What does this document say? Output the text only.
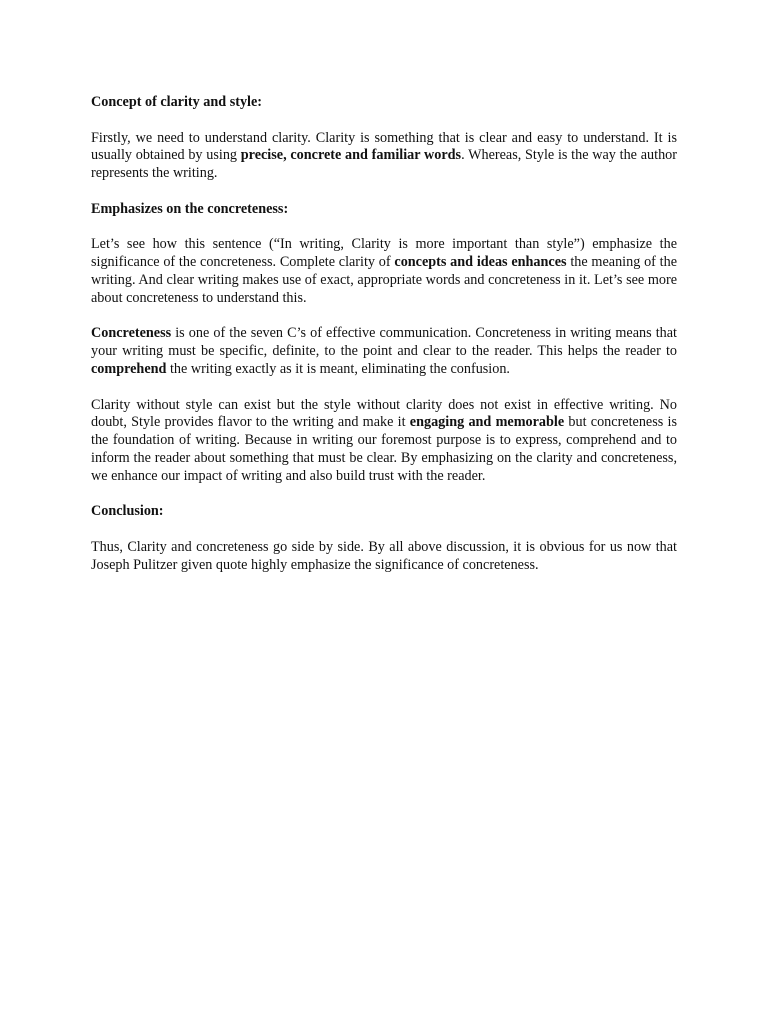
Concept of clarity and style:

Firstly, we need to understand clarity. Clarity is something that is clear and easy to understand. It is usually obtained by using precise, concrete and familiar words. Whereas, Style is the way the author represents the writing.

Emphasizes on the concreteness:

Let’s see how this sentence (“In writing, Clarity is more important than style”) emphasize the significance of the concreteness. Complete clarity of concepts and ideas enhances the meaning of the writing. And clear writing makes use of exact, appropriate words and concreteness in it. Let’s see more about concreteness to understand this.

Concreteness is one of the seven C’s of effective communication. Concreteness in writing means that your writing must be specific, definite, to the point and clear to the reader. This helps the reader to comprehend the writing exactly as it is meant, eliminating the confusion.

Clarity without style can exist but the style without clarity does not exist in effective writing. No doubt, Style provides flavor to the writing and make it engaging and memorable but concreteness is the foundation of writing. Because in writing our foremost purpose is to express, comprehend and to inform the reader about something that must be clear. By emphasizing on the clarity and concreteness, we enhance our impact of writing and also build trust with the reader.

Conclusion:

Thus, Clarity and concreteness go side by side. By all above discussion, it is obvious for us now that Joseph Pulitzer given quote highly emphasize the significance of concreteness.
